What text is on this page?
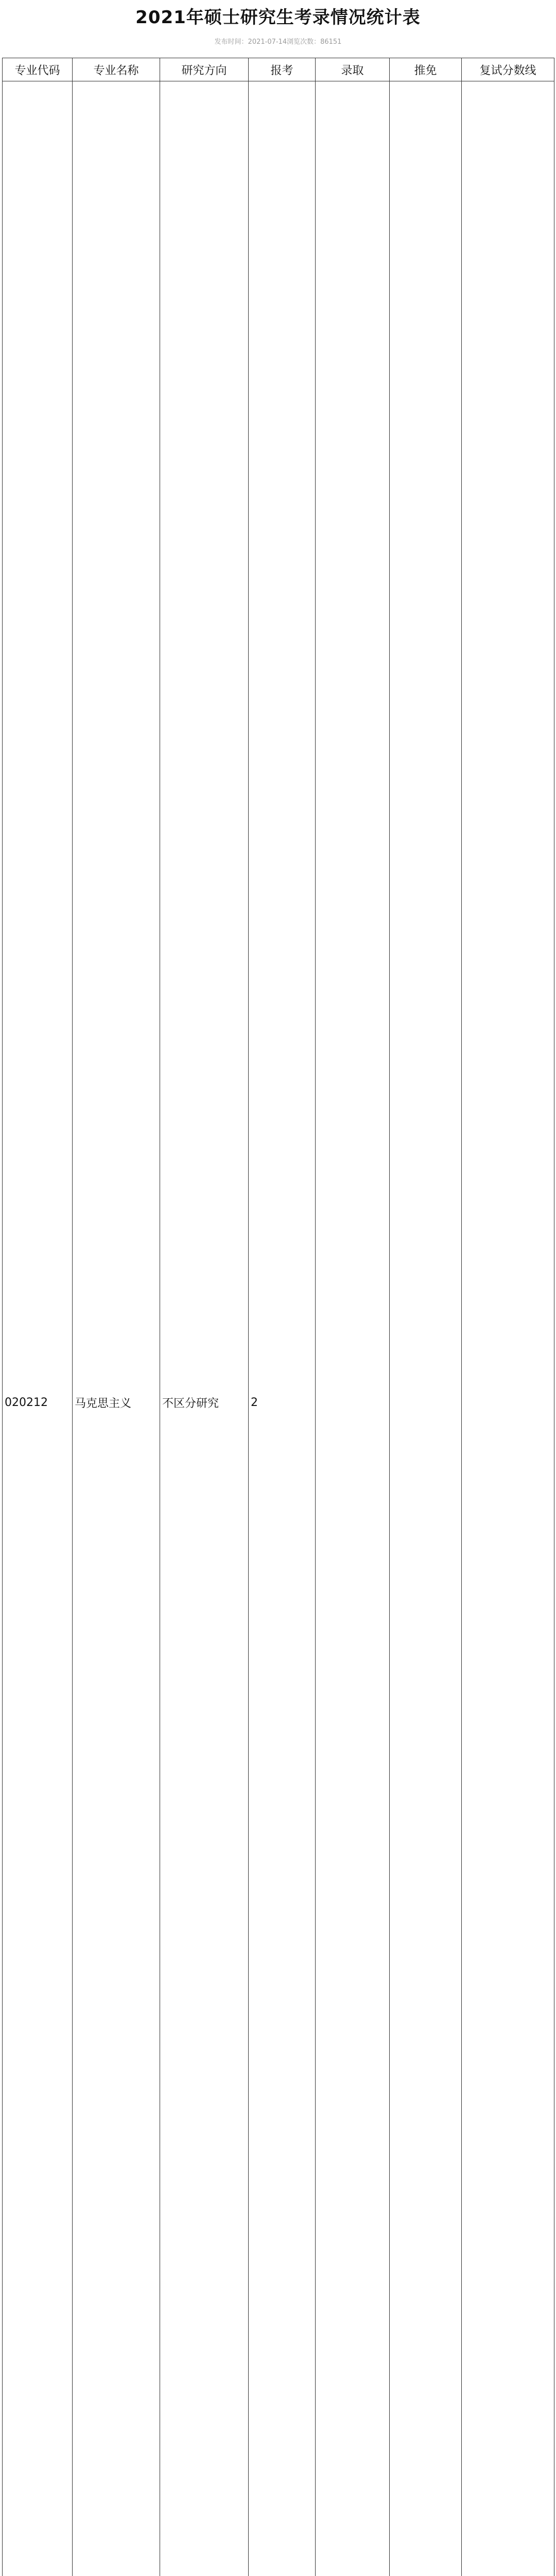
2021年硕士研究生考录情况统计表
发布时间：2021-07-14浏览次数：86151
专业代码	专业名称	研究方向	报考	录取	推免	复试分数线
020212	马克思主义	不区分研究	2			
